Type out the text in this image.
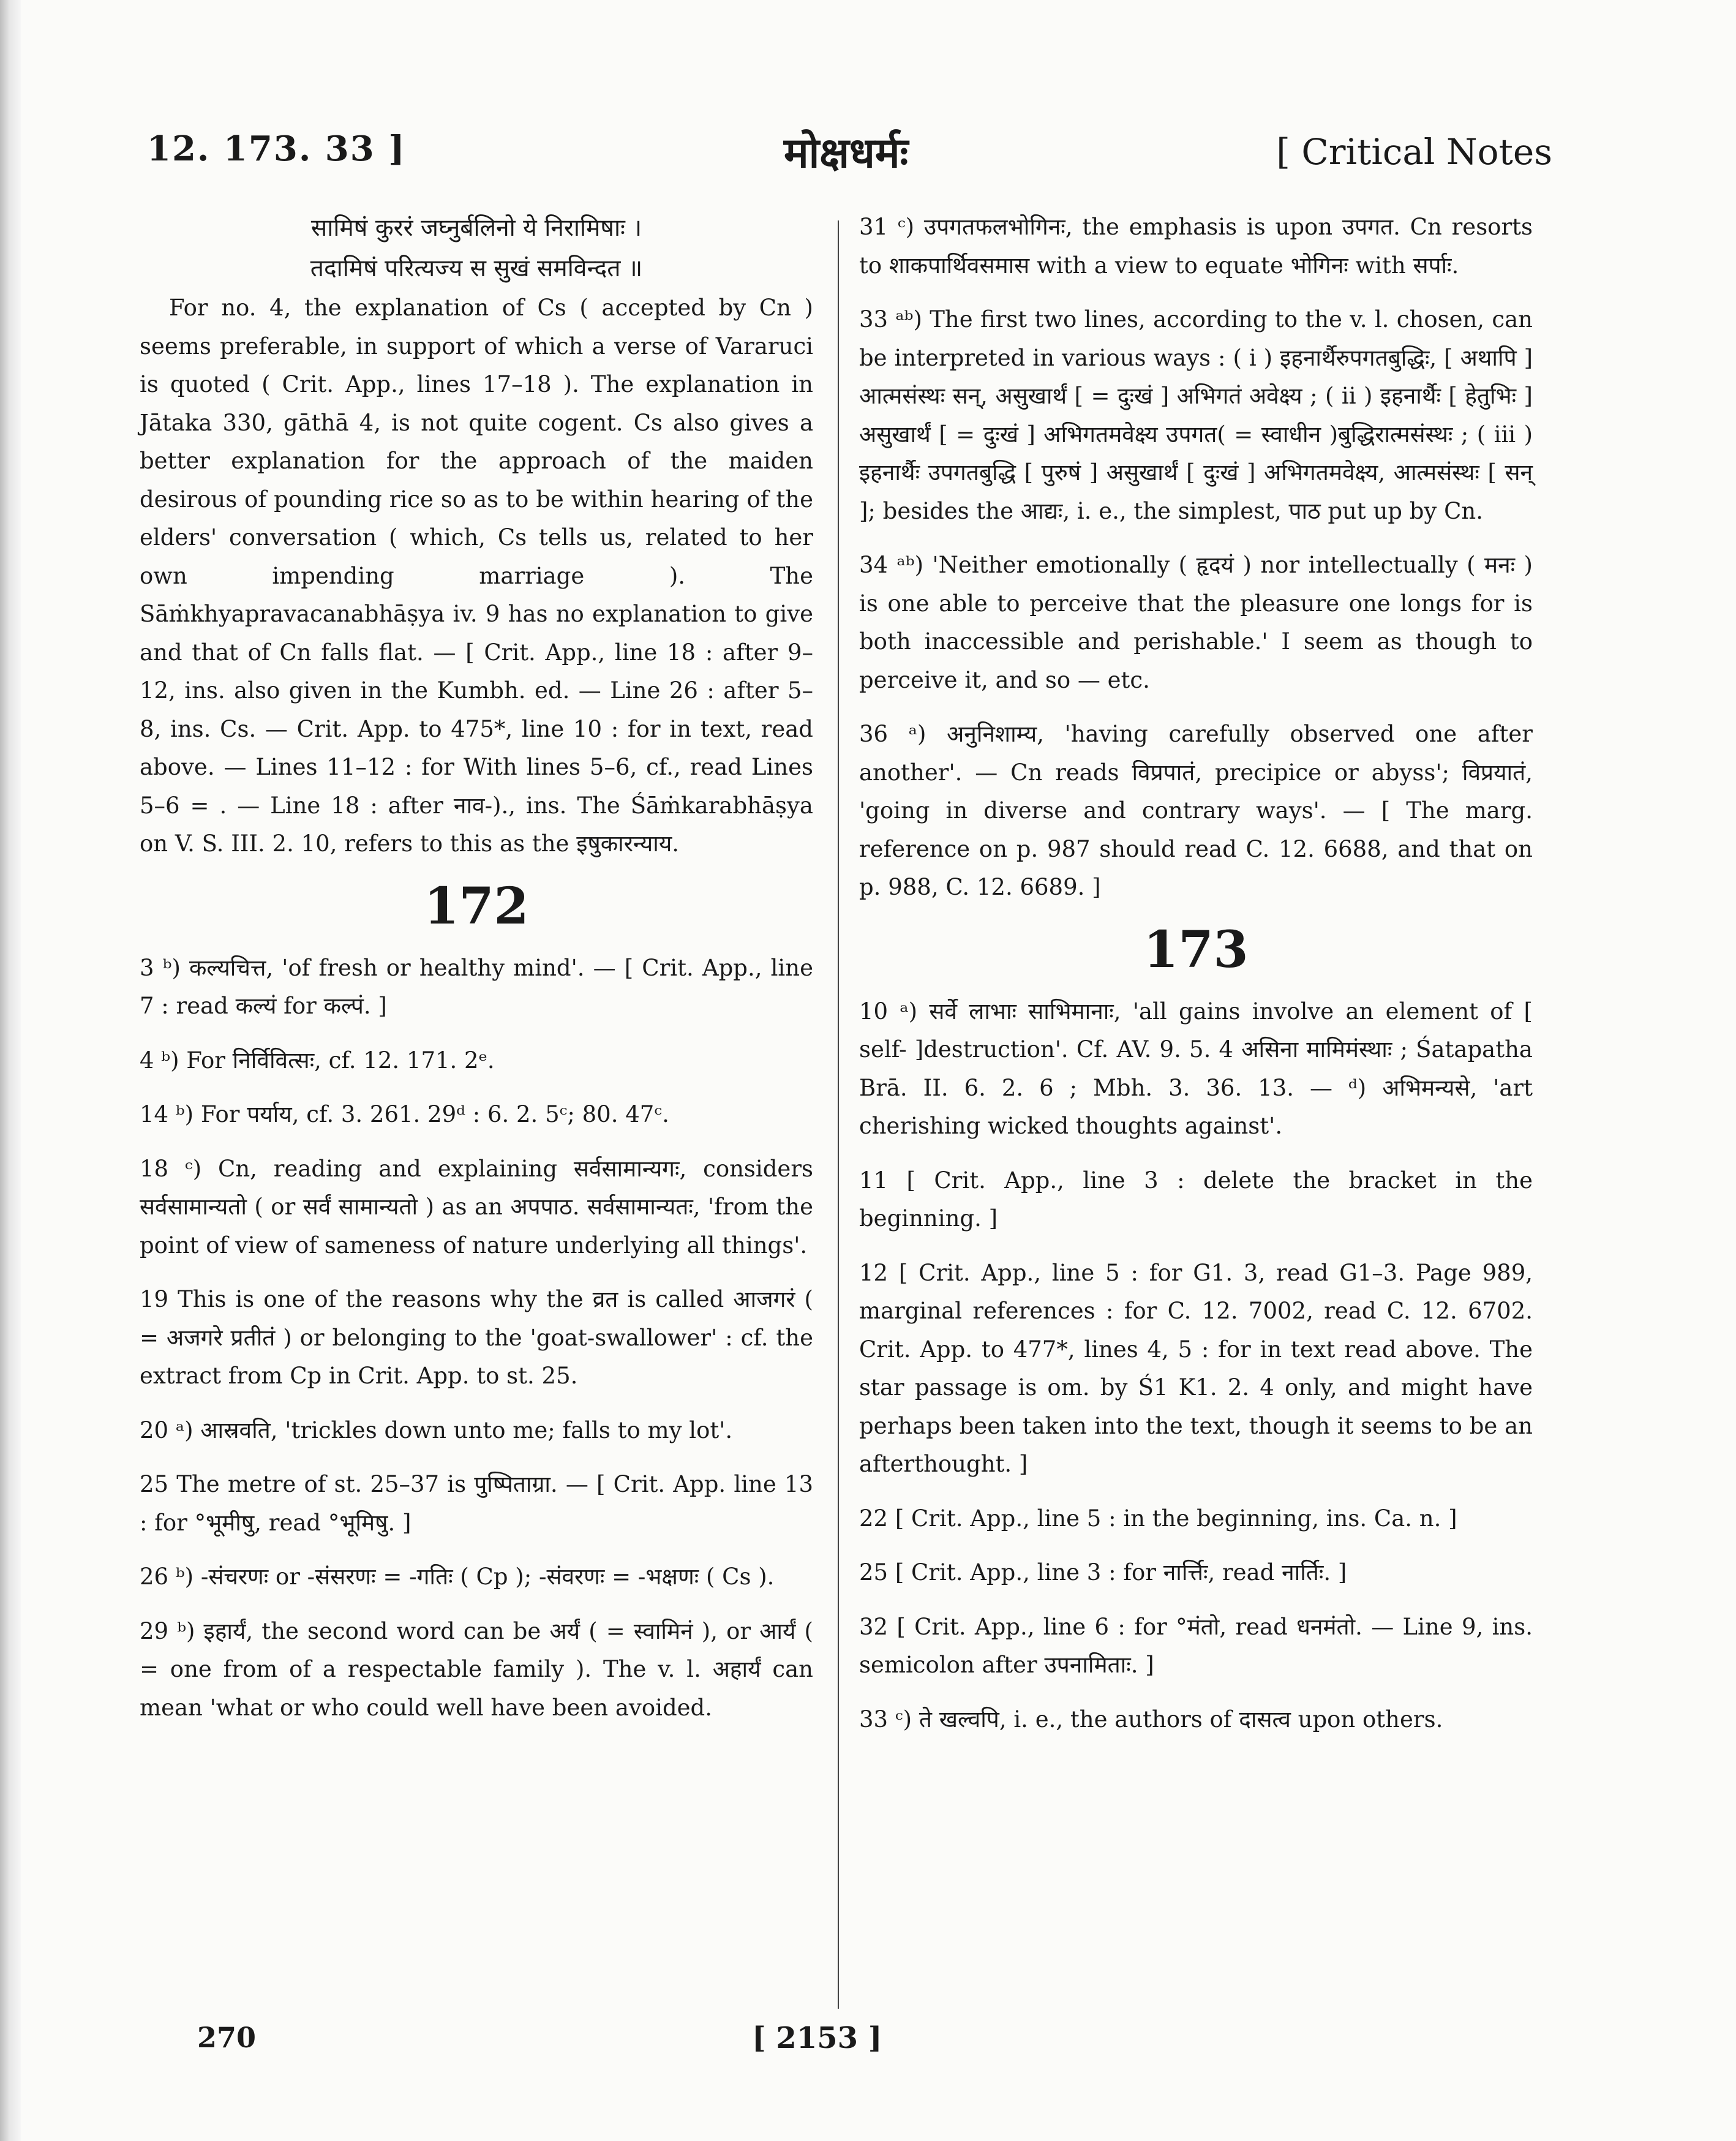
12. 173. 33 ]	मोक्षधर्मः	[ Critical Notes
सामिषं कुररं जघ्नुर्बलिनो ये निरामिषाः ।
तदामिषं परित्यज्य स सुखं समविन्दत ॥
For no. 4, the explanation of Cs ( accepted by Cn ) seems preferable, in support of which a verse of Vararuci is quoted ( Crit. App., lines 17–18 ). The explanation in Jātaka 330, gāthā 4, is not quite cogent. Cs also gives a better explanation for the approach of the maiden desirous of pounding rice so as to be within hearing of the elders' conversation ( which, Cs tells us, related to her own impending marriage ). The Sāṁkhyapravacanabhāṣya iv. 9 has no explanation to give and that of Cn falls flat. — [ Crit. App., line 18 : after 9–12, ins. also given in the Kumbh. ed. — Line 26 : after 5–8, ins. Cs. — Crit. App. to 475*, line 10 : for in text, read above. — Lines 11–12 : for With lines 5–6, cf., read Lines 5–6 = . — Line 18 : after नाव-)., ins. The Śāṁkarabhāṣya on V. S. III. 2. 10, refers to this as the इषुकारन्याय.
172
3 ᵇ) कल्यचित्त, 'of fresh or healthy mind'. — [ Crit. App., line 7 : read कल्यं for कल्पं. ]
4 ᵇ) For निर्विवित्सः, cf. 12. 171. 2ᵉ.
14 ᵇ) For पर्याय, cf. 3. 261. 29ᵈ : 6. 2. 5ᶜ; 80. 47ᶜ.
18 ᶜ) Cn, reading and explaining सर्वसामान्यगः, considers सर्वसामान्यतो ( or सर्वं सामान्यतो ) as an अपपाठ. सर्वसामान्यतः, 'from the point of view of sameness of nature underlying all things'.
19 This is one of the reasons why the व्रत is called आजगरं ( = अजगरे प्रतीतं ) or belonging to the 'goat-swallower' : cf. the extract from Cp in Crit. App. to st. 25.
20 ᵃ) आस्रवति, 'trickles down unto me; falls to my lot'.
25 The metre of st. 25–37 is पुष्पिताग्रा. — [ Crit. App. line 13 : for °भूमीषु, read °भूमिषु. ]
26 ᵇ) -संचरणः or -संसरणः = -गतिः ( Cp ); -संवरणः = -भक्षणः ( Cs ).
29 ᵇ) इहार्यं, the second word can be अर्यं ( = स्वामिनं ), or आर्यं ( = one from of a respectable family ). The v. l. अहार्यं can mean 'what or who could well have been avoided.
31 ᶜ) उपगतफलभोगिनः, the emphasis is upon उपगत. Cn resorts to शाकपार्थिवसमास with a view to equate भोगिनः with सर्पाः.
33 ᵃᵇ) The first two lines, according to the v. l. chosen, can be interpreted in various ways : ( i ) इहनार्थैरुपगतबुद्धिः, [ अथापि ] आत्मसंस्थः सन्, असुखार्थं [ = दुःखं ] अभिगतं अवेक्ष्य ; ( ii ) इहनार्थैः [ हेतुभिः ] असुखार्थं [ = दुःखं ] अभिगतमवेक्ष्य उपगत( = स्वाधीन )बुद्धिरात्मसंस्थः ; ( iii ) इहनार्थैः उपगतबुद्धि [ पुरुषं ] असुखार्थं [ दुःखं ] अभिगतमवेक्ष्य, आत्मसंस्थः [ सन् ]; besides the आद्यः, i. e., the simplest, पाठ put up by Cn.
34 ᵃᵇ) 'Neither emotionally ( हृदयं ) nor intellectually ( मनः ) is one able to perceive that the pleasure one longs for is both inaccessible and perishable.' I seem as though to perceive it, and so — etc.
36 ᵃ) अनुनिशाम्य, 'having carefully observed one after another'. — Cn reads विप्रपातं, precipice or abyss'; विप्रयातं, 'going in diverse and contrary ways'. — [ The marg. reference on p. 987 should read C. 12. 6688, and that on p. 988, C. 12. 6689. ]
173
10 ᵃ) सर्वे लाभाः साभिमानाः, 'all gains involve an element of [ self- ]destruction'. Cf. AV. 9. 5. 4 असिना मामिमंस्थाः ; Śatapatha Brā. II. 6. 2. 6 ; Mbh. 3. 36. 13. — ᵈ) अभिमन्यसे, 'art cherishing wicked thoughts against'.
11 [ Crit. App., line 3 : delete the bracket in the beginning. ]
12 [ Crit. App., line 5 : for G1. 3, read G1–3. Page 989, marginal references : for C. 12. 7002, read C. 12. 6702. Crit. App. to 477*, lines 4, 5 : for in text read above. The star passage is om. by Ś1 K1. 2. 4 only, and might have perhaps been taken into the text, though it seems to be an afterthought. ]
22 [ Crit. App., line 5 : in the beginning, ins. Ca. n. ]
25 [ Crit. App., line 3 : for नार्त्तिः, read नार्तिः. ]
32 [ Crit. App., line 6 : for °मंतो, read धनमंतो. — Line 9, ins. semicolon after उपनामिताः. ]
33 ᶜ) ते खल्वपि, i. e., the authors of दासत्व upon others.
270	[ 2153 ]
